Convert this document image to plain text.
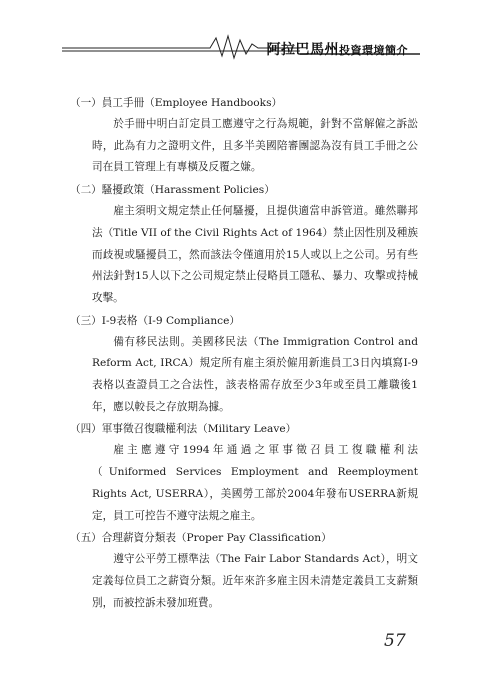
阿拉巴馬州投資環境簡介
（一）員工手冊（Employee Handbooks）

於手冊中明白訂定員工應遵守之行為規範，針對不當解僱之訴訟時，此為有力之證明文件，且多半美國陪審團認為沒有員工手冊之公司在員工管理上有專橫及反覆之嫌。

（二）騷擾政策（Harassment Policies）

雇主須明文規定禁止任何騷擾，且提供適當申訴管道。雖然聯邦法（Title VII of the Civil Rights Act of 1964）禁止因性別及種族而歧視或騷擾員工，然而該法令僅適用於15人或以上之公司。另有些州法針對15人以下之公司規定禁止侵略員工隱私、暴力、攻擊或持械攻擊。

（三）I-9表格（I-9 Compliance）

備有移民法則。美國移民法（The Immigration Control and Reform Act, IRCA）規定所有雇主須於僱用新進員工3日內填寫I-9表格以查證員工之合法性，該表格需存放至少3年或至員工離職後1年，應以較長之存放期為據。

（四）軍事徵召復職權利法（Military Leave）

雇主應遵守1994年通過之軍事徵召員工復職權利法（Uniformed Services Employment and Reemployment Rights Act, USERRA），美國勞工部於2004年發布USERRA新規定，員工可控告不遵守法規之雇主。

（五）合理薪資分類表（Proper Pay Classification）

遵守公平勞工標準法（The Fair Labor Standards Act），明文定義每位員工之薪資分類。近年來許多雇主因未清楚定義員工支薪類別，而被控訴未發加班費。

57
